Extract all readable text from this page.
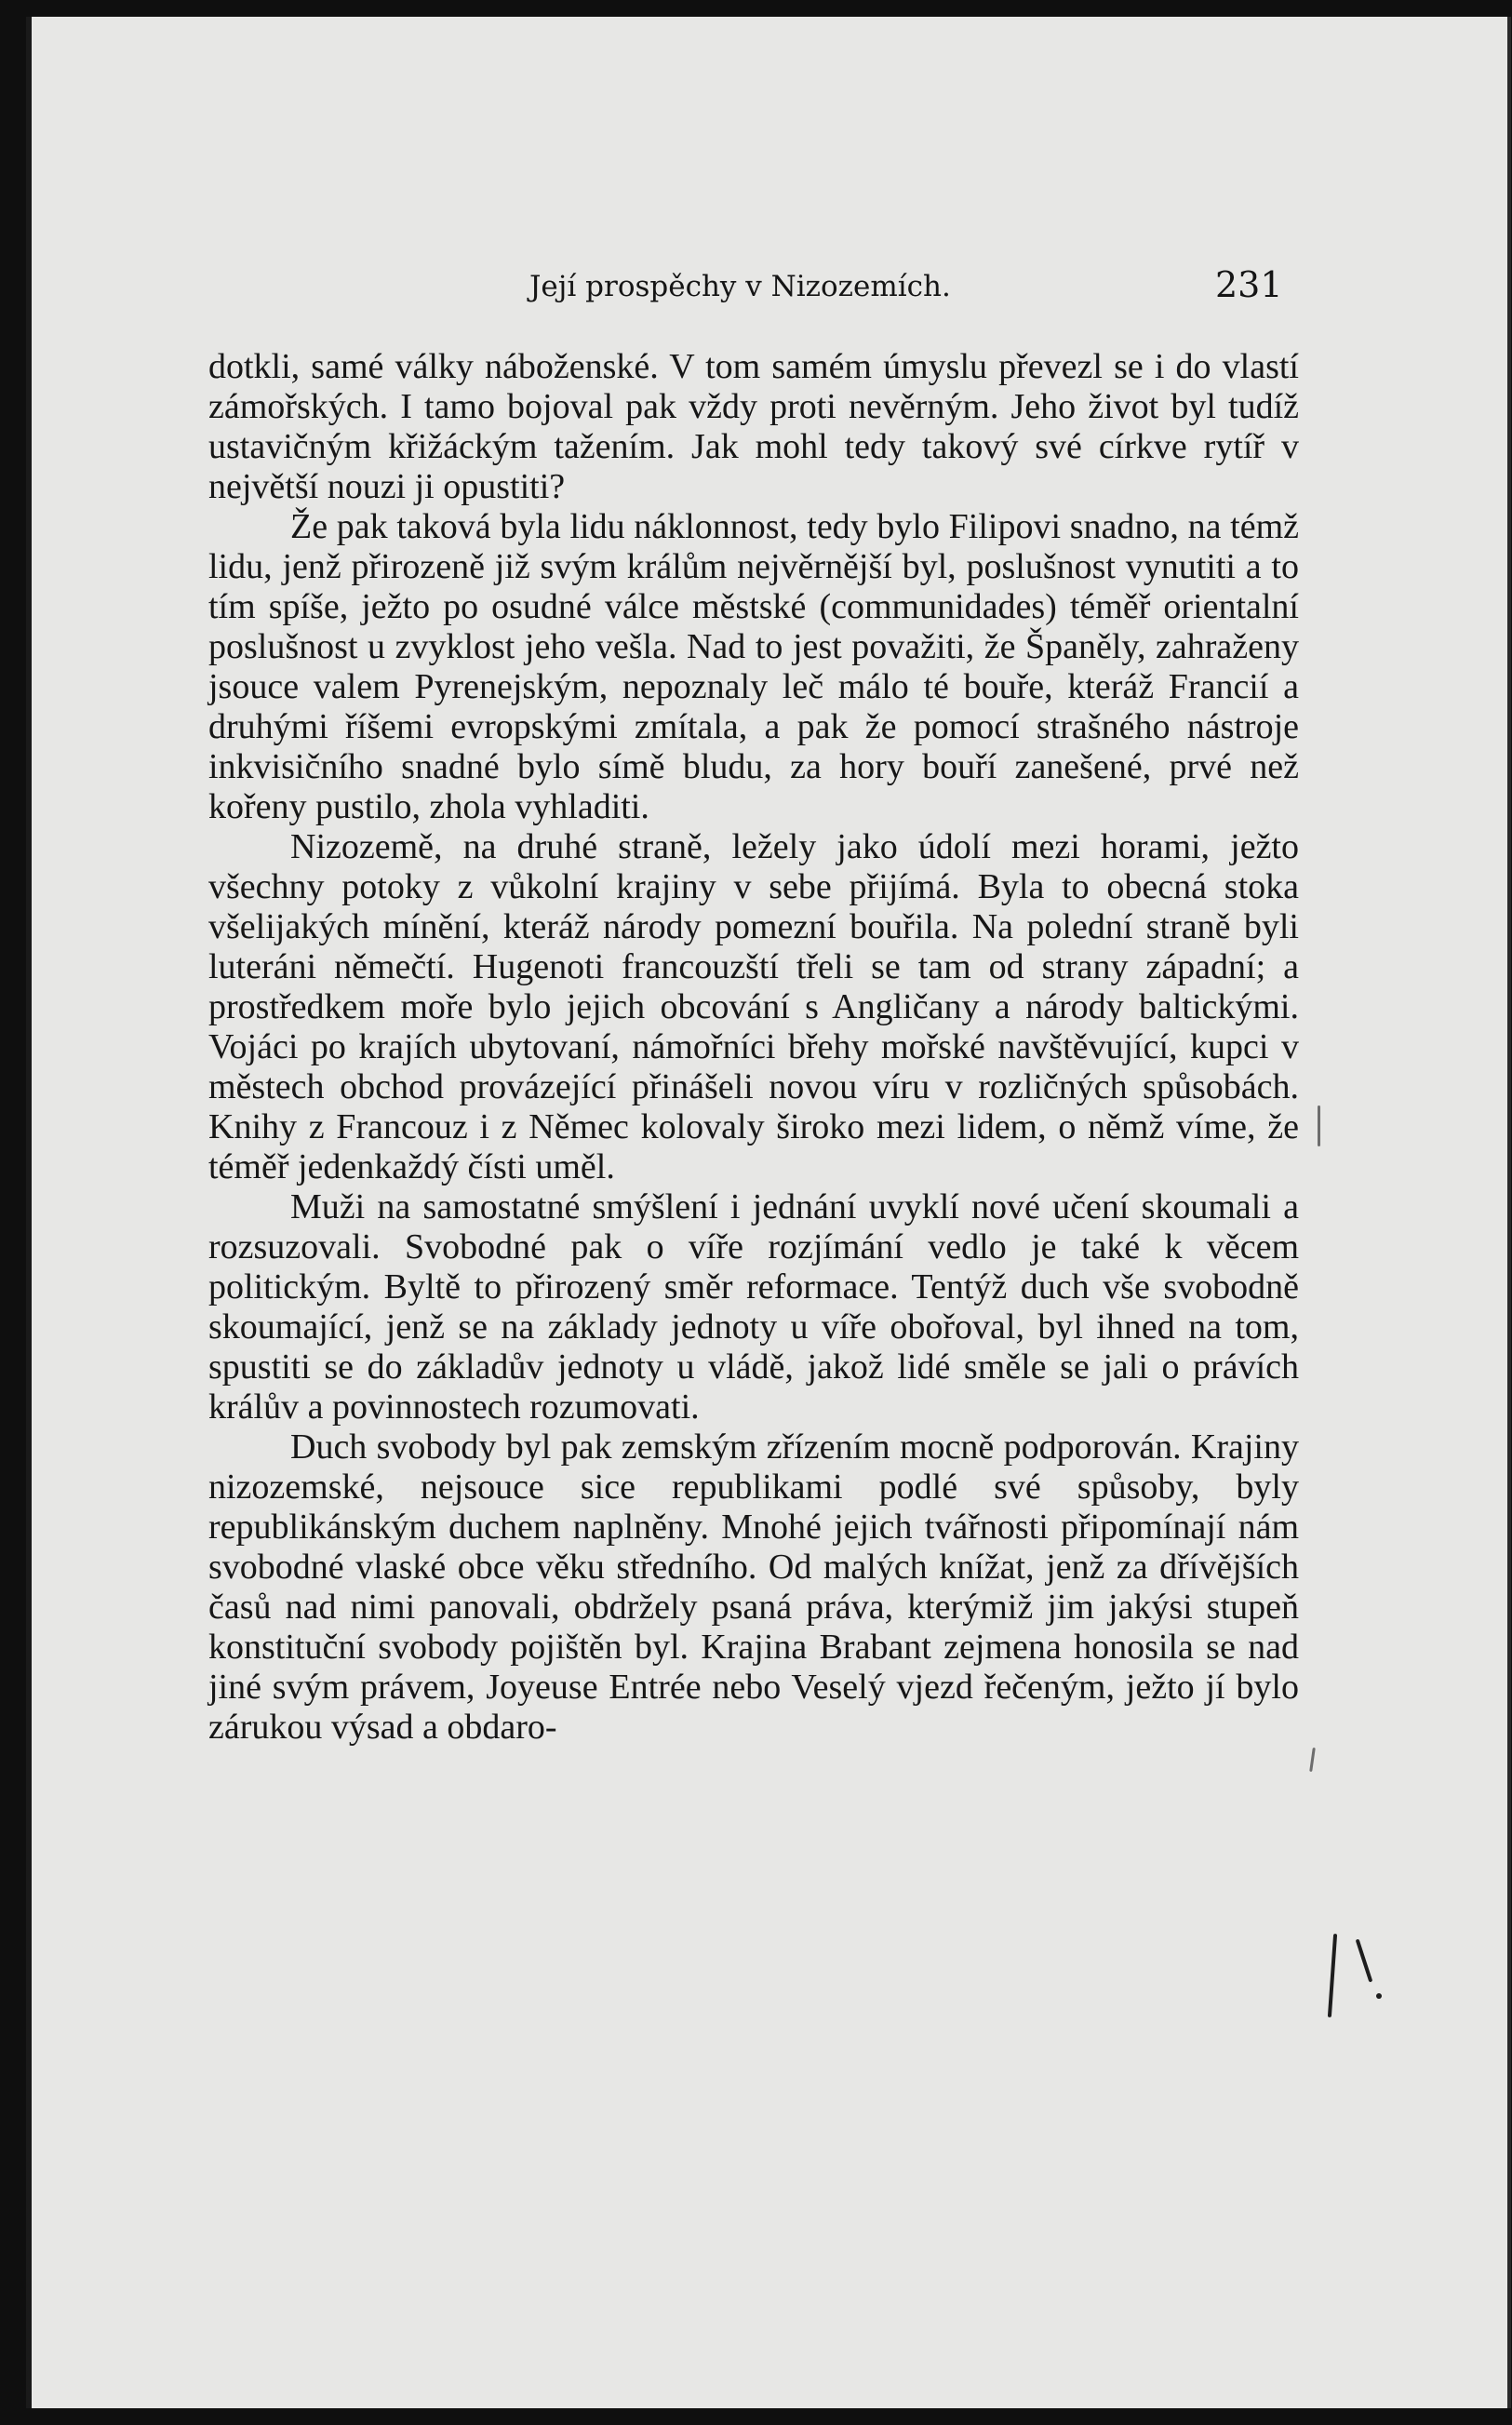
Její prospěchy v Nizozemích.	231

dotkli, samé války náboženské. V tom samém úmyslu převezl se i do vlastí zámořských. I tamo bojoval pak vždy proti nevěrným. Jeho život byl tudíž ustavičným křižáckým tažením. Jak mohl tedy takový své církve rytíř v největší nouzi ji opustiti?

Že pak taková byla lidu náklonnost, tedy bylo Filipovi snadno, na témž lidu, jenž přirozeně již svým králům nejvěrnější byl, poslušnost vynutiti a to tím spíše, ježto po osudné válce městské (communidades) téměř orientalní poslušnost u zvyklost jeho vešla. Nad to jest považiti, že Španěly, zahraženy jsouce valem Pyrenejským, nepoznaly leč málo té bouře, kteráž Francií a druhými říšemi evropskými zmítala, a pak že pomocí strašného nástroje inkvisičního snadné bylo símě bludu, za hory bouří zanešené, prvé než kořeny pustilo, zhola vyhladiti.

Nizozemě, na druhé straně, ležely jako údolí mezi horami, ježto všechny potoky z vůkolní krajiny v sebe přijímá. Byla to obecná stoka všelijakých mínění, kteráž národy pomezní bouřila. Na polední straně byli luteráni němečtí. Hugenoti francouzští třeli se tam od strany západní; a prostředkem moře bylo jejich obcování s Angličany a národy baltickými. Vojáci po krajích ubytovaní, námořníci břehy mořské navštěvující, kupci v městech obchod provázející přinášeli novou víru v rozličných spůsobách. Knihy z Francouz i z Němec kolovaly široko mezi lidem, o němž víme, že téměř jedenkaždý čísti uměl.

Muži na samostatné smýšlení i jednání uvyklí nové učení skoumali a rozsuzovali. Svobodné pak o víře rozjímání vedlo je také k věcem politickým. Byltě to přirozený směr reformace. Tentýž duch vše svobodně skoumající, jenž se na základy jednoty u víře obořoval, byl ihned na tom, spustiti se do základův jednoty u vládě, jakož lidé směle se jali o právích králův a povinnostech rozumovati.

Duch svobody byl pak zemským zřízením mocně podporován. Krajiny nizozemské, nejsouce sice republikami podlé své spůsoby, byly republikánským duchem naplněny. Mnohé jejich tvářnosti připomínají nám svobodné vlaské obce věku středního. Od malých knížat, jenž za dřívějších časů nad nimi panovali, obdržely psaná práva, kterýmiž jim jakýsi stupeň konstituční svobody pojištěn byl. Krajina Brabant zejmena honosila se nad jiné svým právem, Joyeuse Entrée nebo Veselý vjezd řečeným, ježto jí bylo zárukou výsad a obdaro-
